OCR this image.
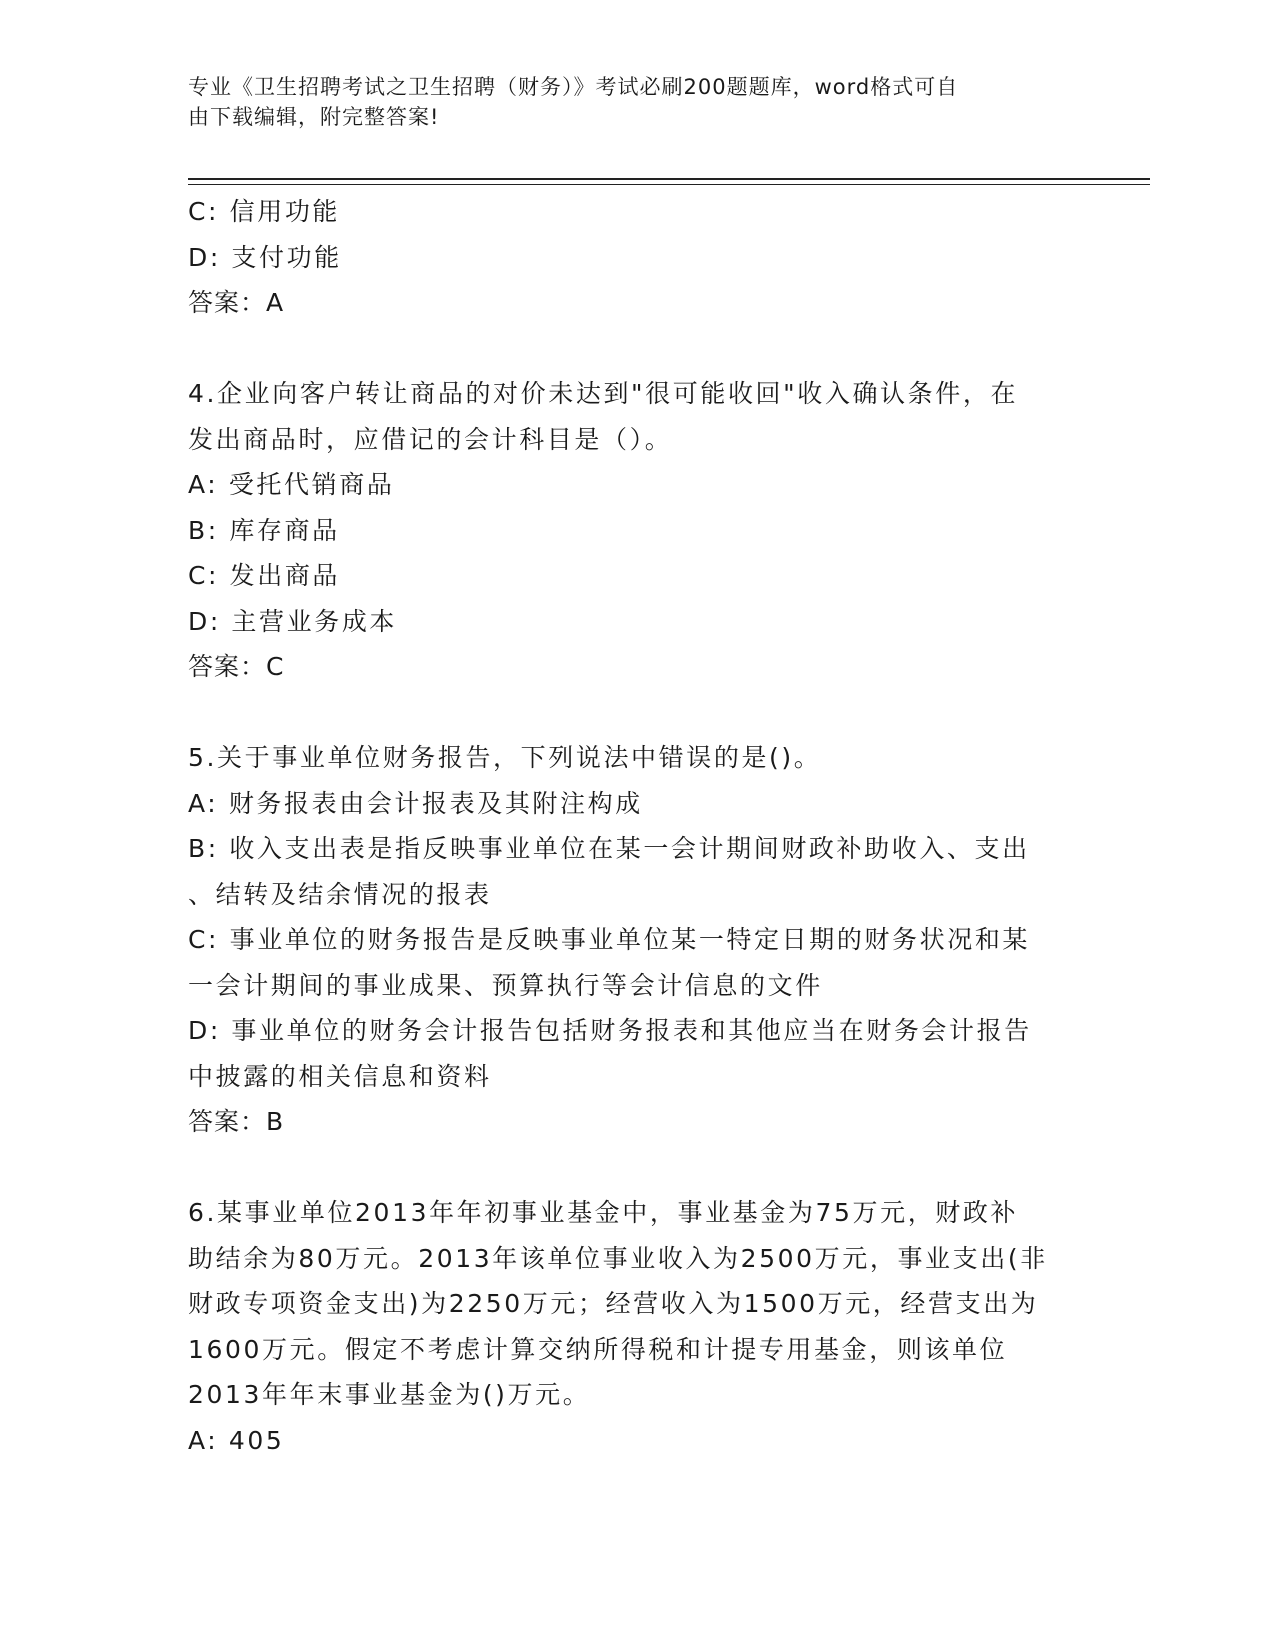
专业《卫生招聘考试之卫生招聘（财务）》考试必刷200题题库，word格式可自
由下载编辑，附完整答案!
C: 信用功能
D: 支付功能
答案：A
4.企业向客户转让商品的对价未达到"很可能收回"收入确认条件，在
发出商品时，应借记的会计科目是（）。
A: 受托代销商品
B: 库存商品
C: 发出商品
D: 主营业务成本
答案：C
5.关于事业单位财务报告，下列说法中错误的是()。
A: 财务报表由会计报表及其附注构成
B: 收入支出表是指反映事业单位在某一会计期间财政补助收入、支出
、结转及结余情况的报表
C: 事业单位的财务报告是反映事业单位某一特定日期的财务状况和某
一会计期间的事业成果、预算执行等会计信息的文件
D: 事业单位的财务会计报告包括财务报表和其他应当在财务会计报告
中披露的相关信息和资料
答案：B
6.某事业单位2013年年初事业基金中，事业基金为75万元，财政补
助结余为80万元。2013年该单位事业收入为2500万元，事业支出(非
财政专项资金支出)为2250万元；经营收入为1500万元，经营支出为
1600万元。假定不考虑计算交纳所得税和计提专用基金，则该单位
2013年年末事业基金为()万元。
A: 405
